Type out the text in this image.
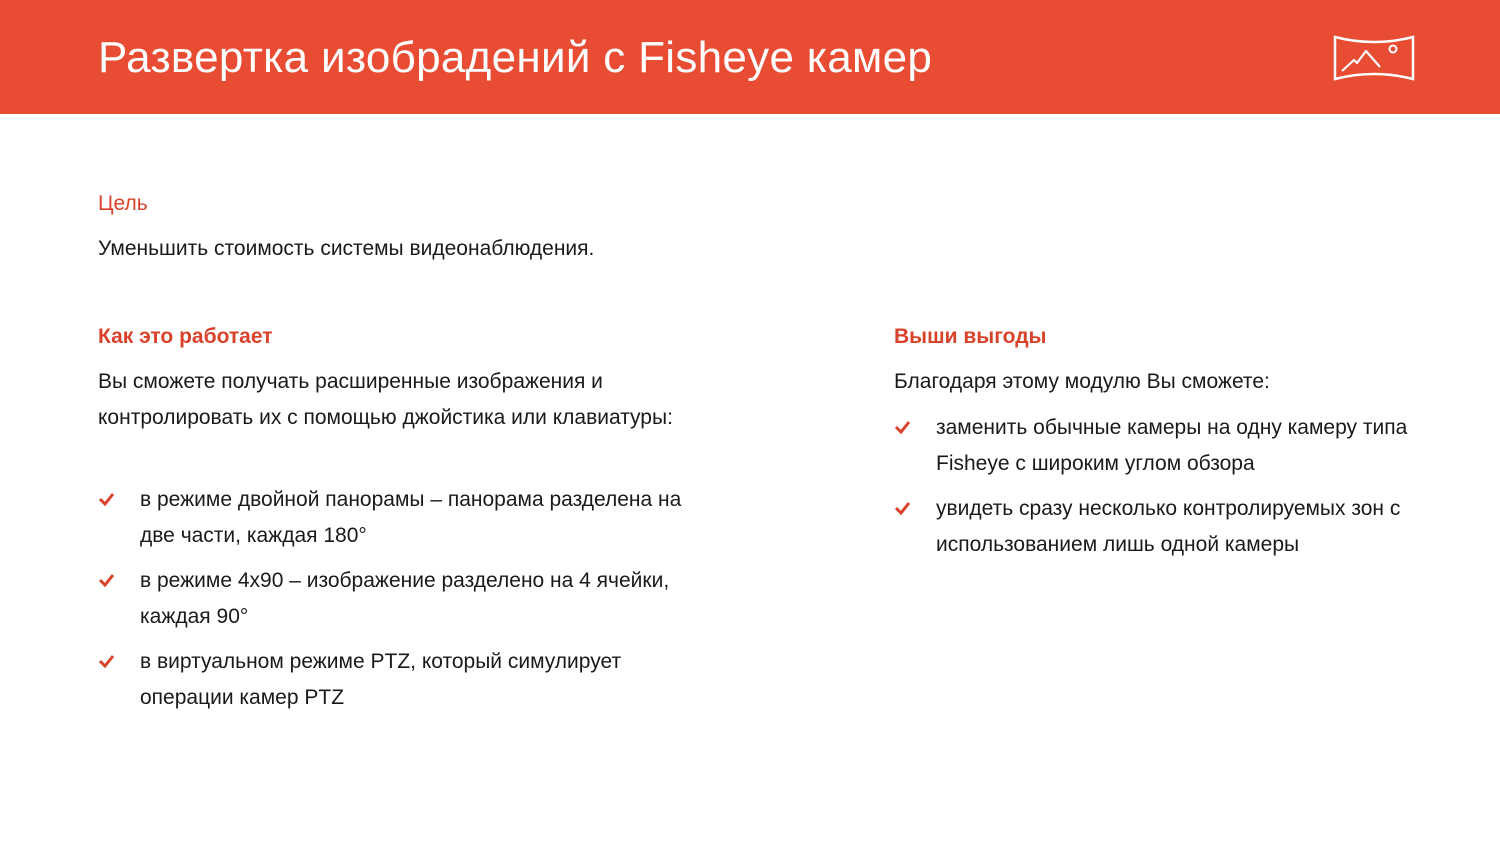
Развертка изобрадений с Fisheye камер
Цель
Уменьшить стоимость системы видеонаблюдения.
Как это работает
Вы сможете получать расширенные изображения и контролировать их с помощью джойстика или клавиатуры:
в режиме двойной панорамы – панорама разделена на две части, каждая 180°
в режиме 4x90 – изображение разделено на 4 ячейки, каждая 90°
в виртуальном режиме PTZ, который симулирует операции камер PTZ
Выши выгоды
Благодаря этому модулю Вы сможете:
заменить обычные камеры на одну камеру типа Fisheye с широким углом обзора
увидеть сразу несколько контролируемых зон с использованием лишь одной камеры
